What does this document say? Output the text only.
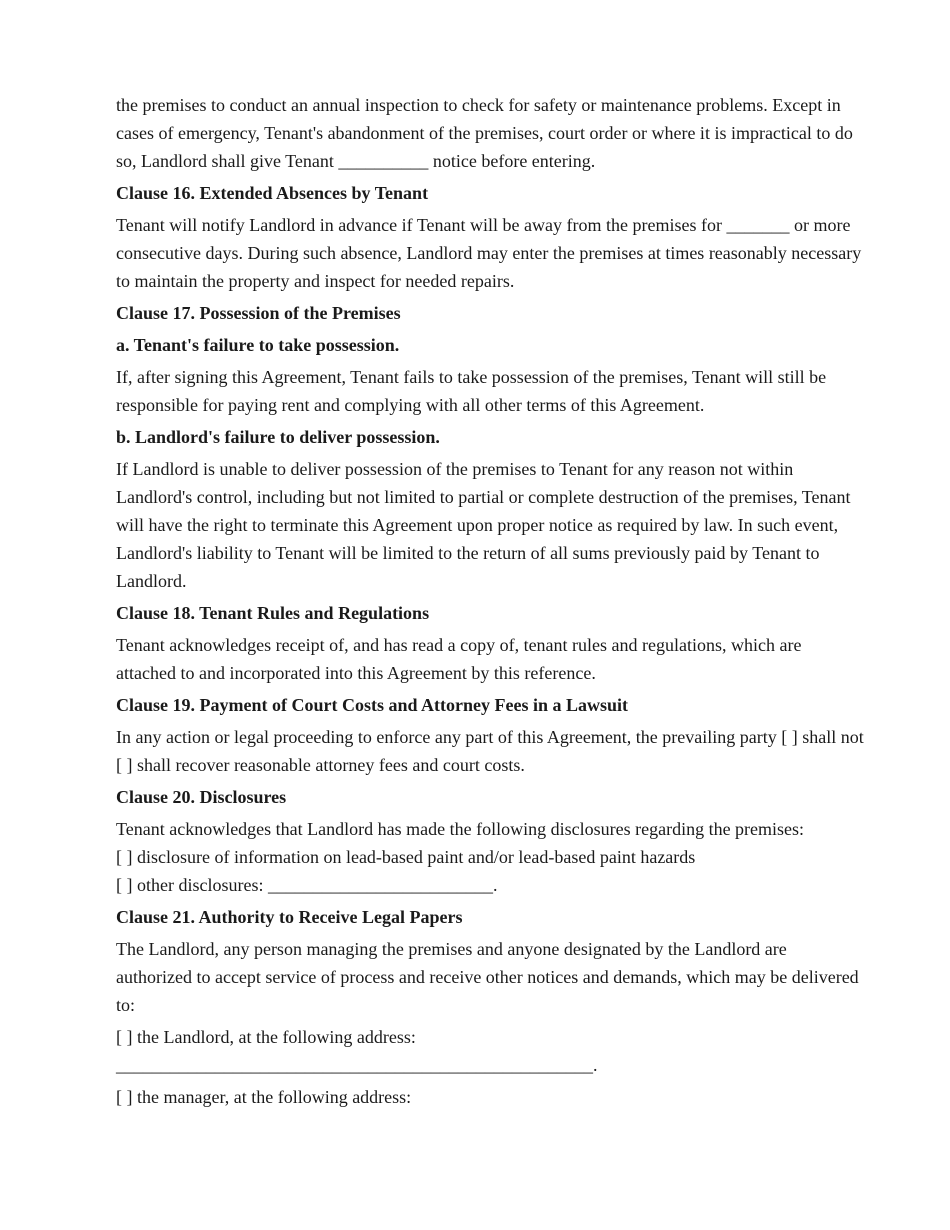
the premises to conduct an annual inspection to check for safety or maintenance problems. Except in cases of emergency, Tenant's abandonment of the premises, court order or where it is impractical to do so, Landlord shall give Tenant __________ notice before entering.

Clause 16. Extended Absences by Tenant

Tenant will notify Landlord in advance if Tenant will be away from the premises for _______ or more consecutive days. During such absence, Landlord may enter the premises at times reasonably necessary to maintain the property and inspect for needed repairs.

Clause 17. Possession of the Premises

a. Tenant's failure to take possession.

If, after signing this Agreement, Tenant fails to take possession of the premises, Tenant will still be responsible for paying rent and complying with all other terms of this Agreement.

b. Landlord's failure to deliver possession.

If Landlord is unable to deliver possession of the premises to Tenant for any reason not within Landlord's control, including but not limited to partial or complete destruction of the premises, Tenant will have the right to terminate this Agreement upon proper notice as required by law. In such event, Landlord's liability to Tenant will be limited to the return of all sums previously paid by Tenant to Landlord.

Clause 18. Tenant Rules and Regulations

Tenant acknowledges receipt of, and has read a copy of, tenant rules and regulations, which are attached to and incorporated into this Agreement by this reference.

Clause 19. Payment of Court Costs and Attorney Fees in a Lawsuit

In any action or legal proceeding to enforce any part of this Agreement, the prevailing party [ ] shall not [ ] shall recover reasonable attorney fees and court costs.

Clause 20. Disclosures

Tenant acknowledges that Landlord has made the following disclosures regarding the premises:

[ ] disclosure of information on lead-based paint and/or lead-based paint hazards

[ ] other disclosures: _________________________.

Clause 21. Authority to Receive Legal Papers

The Landlord, any person managing the premises and anyone designated by the Landlord are authorized to accept service of process and receive other notices and demands, which may be delivered to:

[ ] the Landlord, at the following address:

_____________________________________________________.

[ ] the manager, at the following address:
